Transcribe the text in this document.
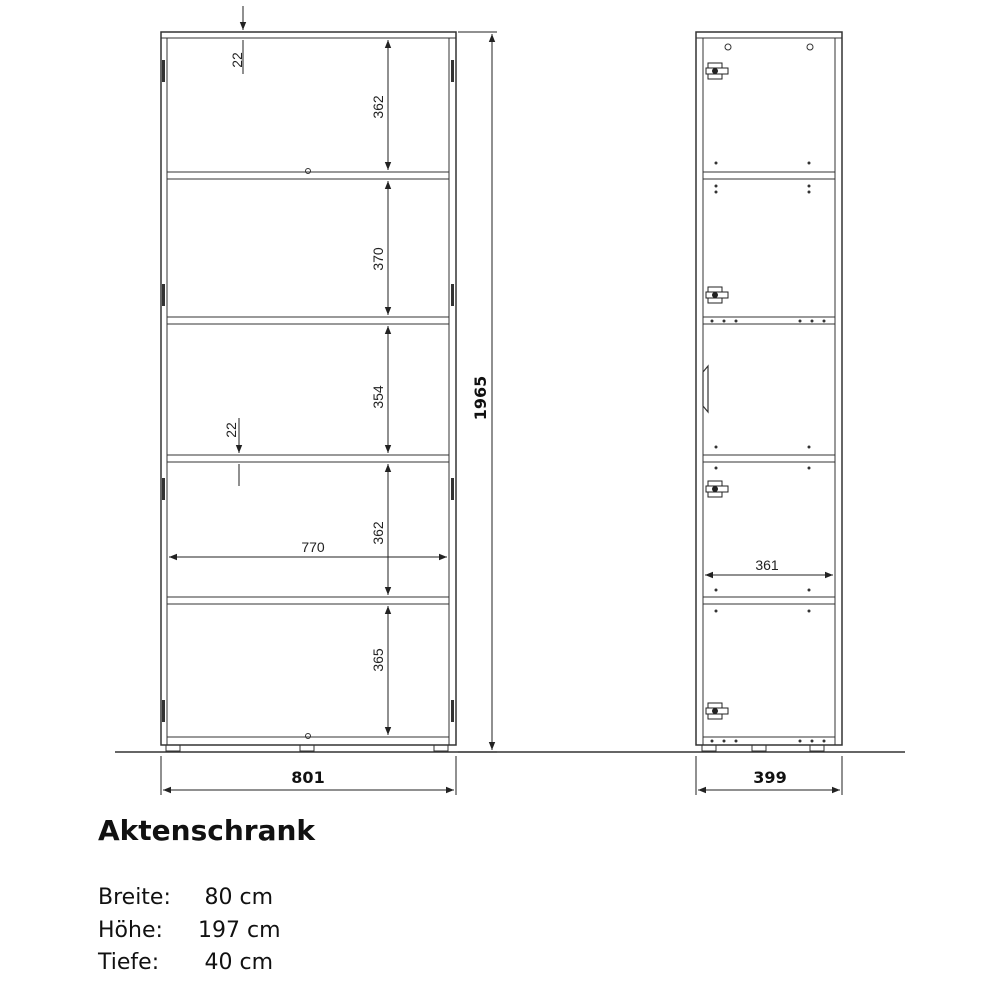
22
362
370
354
362
365
22
770
1965
801
361
399
Aktenschrank
Breite:	80 cm
Höhe:	197 cm
Tiefe:	40 cm
